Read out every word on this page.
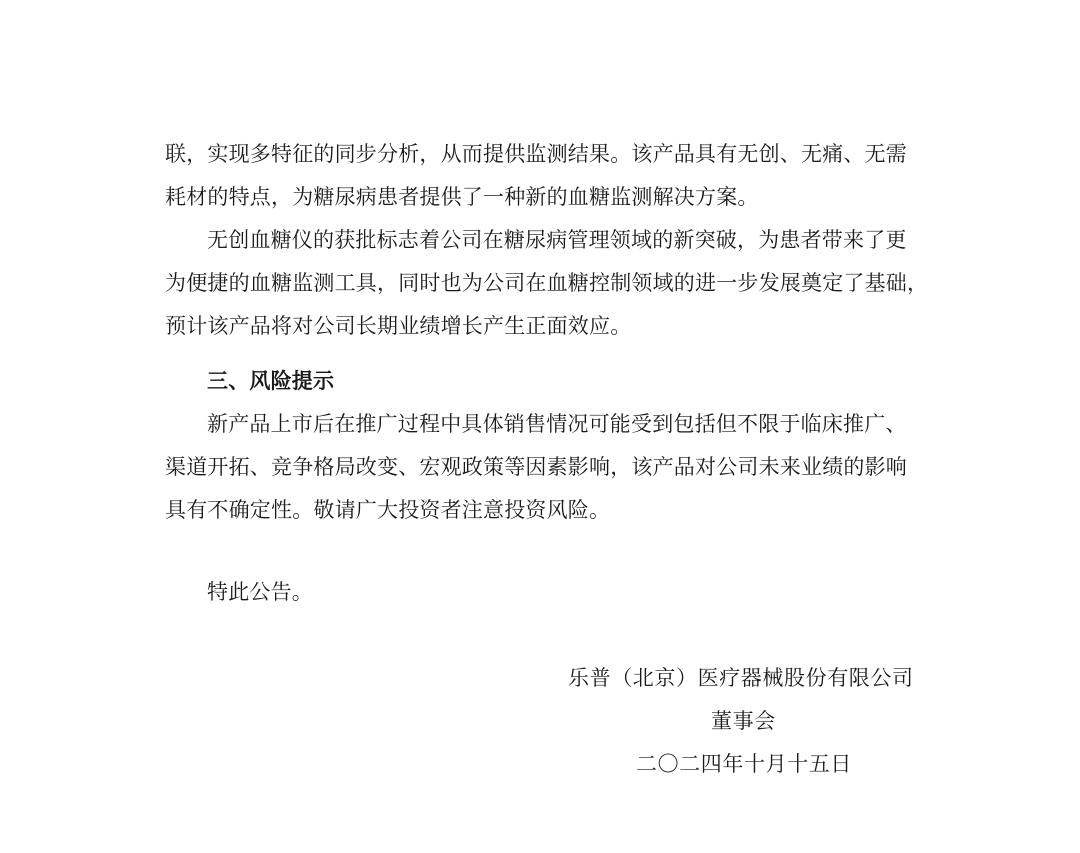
联，实现多特征的同步分析，从而提供监测结果。该产品具有无创、无痛、无需
耗材的特点，为糖尿病患者提供了一种新的血糖监测解决方案。
无创血糖仪的获批标志着公司在糖尿病管理领域的新突破，为患者带来了更
为便捷的血糖监测工具，同时也为公司在血糖控制领域的进一步发展奠定了基础，
预计该产品将对公司长期业绩增长产生正面效应。
三、风险提示
新产品上市后在推广过程中具体销售情况可能受到包括但不限于临床推广、
渠道开拓、竞争格局改变、宏观政策等因素影响，该产品对公司未来业绩的影响
具有不确定性。敬请广大投资者注意投资风险。
特此公告。
乐普（北京）医疗器械股份有限公司
董事会
二〇二四年十月十五日
